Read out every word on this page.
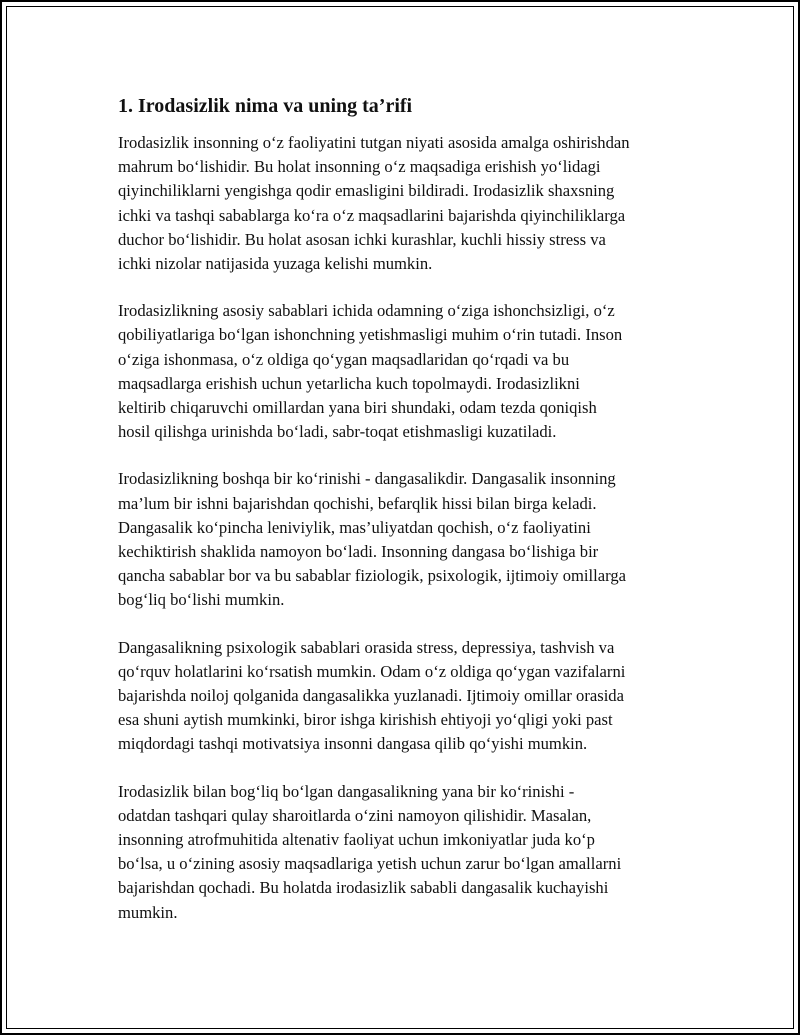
1. Irodasizlik nima va uning ta’rifi

Irodasizlik insonning o‘z faoliyatini tutgan niyati asosida amalga oshirishdan
mahrum bo‘lishidir. Bu holat insonning o‘z maqsadiga erishish yo‘lidagi
qiyinchiliklarni yengishga qodir emasligini bildiradi. Irodasizlik shaxsning
ichki va tashqi sabablarga ko‘ra o‘z maqsadlarini bajarishda qiyinchiliklarga
duchor bo‘lishidir. Bu holat asosan ichki kurashlar, kuchli hissiy stress va
ichki nizolar natijasida yuzaga kelishi mumkin.

Irodasizlikning asosiy sabablari ichida odamning o‘ziga ishonchsizligi, o‘z
qobiliyatlariga bo‘lgan ishonchning yetishmasligi muhim o‘rin tutadi. Inson
o‘ziga ishonmasa, o‘z oldiga qo‘ygan maqsadlaridan qo‘rqadi va bu
maqsadlarga erishish uchun yetarlicha kuch topolmaydi. Irodasizlikni
keltirib chiqaruvchi omillardan yana biri shundaki, odam tezda qoniqish
hosil qilishga urinishda bo‘ladi, sabr-toqat etishmasligi kuzatiladi.

Irodasizlikning boshqa bir ko‘rinishi - dangasalikdir. Dangasalik insonning
ma’lum bir ishni bajarishdan qochishi, befarqlik hissi bilan birga keladi.
Dangasalik ko‘pincha leniviylik, mas’uliyatdan qochish, o‘z faoliyatini
kechiktirish shaklida namoyon bo‘ladi. Insonning dangasa bo‘lishiga bir
qancha sabablar bor va bu sabablar fiziologik, psixologik, ijtimoiy omillarga
bog‘liq bo‘lishi mumkin.

Dangasalikning psixologik sabablari orasida stress, depressiya, tashvish va
qo‘rquv holatlarini ko‘rsatish mumkin. Odam o‘z oldiga qo‘ygan vazifalarni
bajarishda noiloj qolganida dangasalikka yuzlanadi. Ijtimoiy omillar orasida
esa shuni aytish mumkinki, biror ishga kirishish ehtiyoji yo‘qligi yoki past
miqdordagi tashqi motivatsiya insonni dangasa qilib qo‘yishi mumkin.

Irodasizlik bilan bog‘liq bo‘lgan dangasalikning yana bir ko‘rinishi -
odatdan tashqari qulay sharoitlarda o‘zini namoyon qilishidir. Masalan,
insonning atrofmuhitida altenativ faoliyat uchun imkoniyatlar juda ko‘p
bo‘lsa, u o‘zining asosiy maqsadlariga yetish uchun zarur bo‘lgan amallarni
bajarishdan qochadi. Bu holatda irodasizlik sababli dangasalik kuchayishi
mumkin.
